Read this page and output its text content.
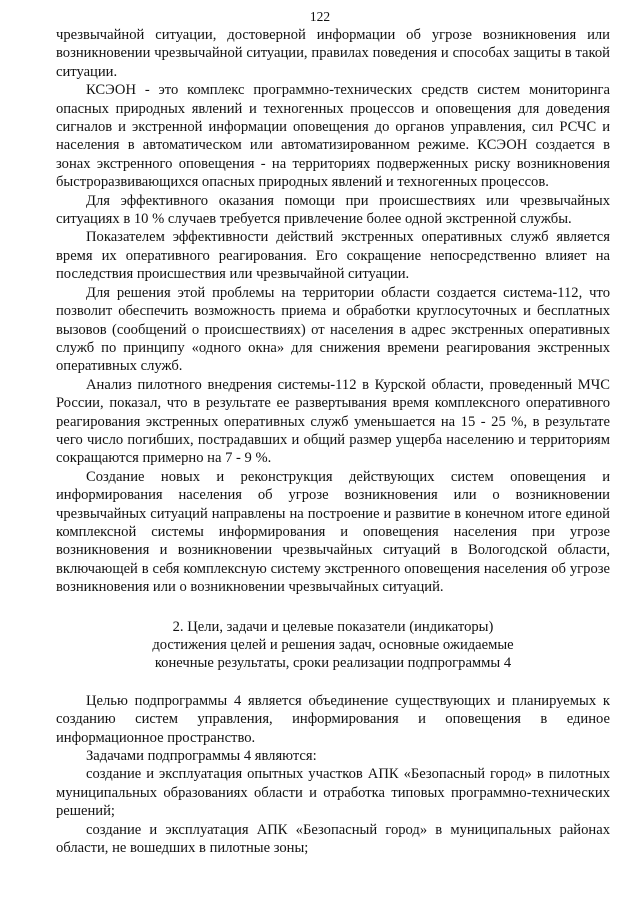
122

чрезвычайной ситуации, достоверной информации об угрозе возникновения или возникновении чрезвычайной ситуации, правилах поведения и способах защиты в такой ситуации.

КСЭОН - это комплекс программно-технических средств систем мониторинга опасных природных явлений и техногенных процессов и оповещения для доведения сигналов и экстренной информации оповещения до органов управления, сил РСЧС и населения в автоматическом или автоматизированном режиме. КСЭОН создается в зонах экстренного оповещения - на территориях подверженных риску возникновения быстроразвивающихся опасных природных явлений и техногенных процессов.

Для эффективного оказания помощи при происшествиях или чрезвычайных ситуациях в 10 % случаев требуется привлечение более одной экстренной службы.

Показателем эффективности действий экстренных оперативных служб является время их оперативного реагирования. Его сокращение непосредственно влияет на последствия происшествия или чрезвычайной ситуации.

Для решения этой проблемы на территории области создается система-112, что позволит обеспечить возможность приема и обработки круглосуточных и бесплатных вызовов (сообщений о происшествиях) от населения в адрес экстренных оперативных служб по принципу «одного окна» для снижения времени реагирования экстренных оперативных служб.

Анализ пилотного внедрения системы-112 в Курской области, проведенный МЧС России, показал, что в результате ее развертывания время комплексного оперативного реагирования экстренных оперативных служб уменьшается на 15 - 25 %, в результате чего число погибших, пострадавших и общий размер ущерба населению и территориям сокращаются примерно на 7 - 9 %.

Создание новых и реконструкция действующих систем оповещения и информирования населения об угрозе возникновения или о возникновении чрезвычайных ситуаций направлены на построение и развитие в конечном итоге единой комплексной системы информирования и оповещения населения при угрозе возникновения и возникновении чрезвычайных ситуаций в Вологодской области, включающей в себя комплексную систему экстренного оповещения населения об угрозе возникновения или о возникновении чрезвычайных ситуаций.

2. Цели, задачи и целевые показатели (индикаторы)
достижения целей и решения задач, основные ожидаемые
конечные результаты, сроки реализации подпрограммы 4

Целью подпрограммы 4 является объединение существующих и планируемых к созданию систем управления, информирования и оповещения в единое информационное пространство.

Задачами подпрограммы 4 являются:

создание и эксплуатация опытных участков АПК «Безопасный город» в пилотных муниципальных образованиях области и отработка типовых программно-технических решений;

создание и эксплуатация АПК «Безопасный город» в муниципальных районах области, не вошедших в пилотные зоны;
